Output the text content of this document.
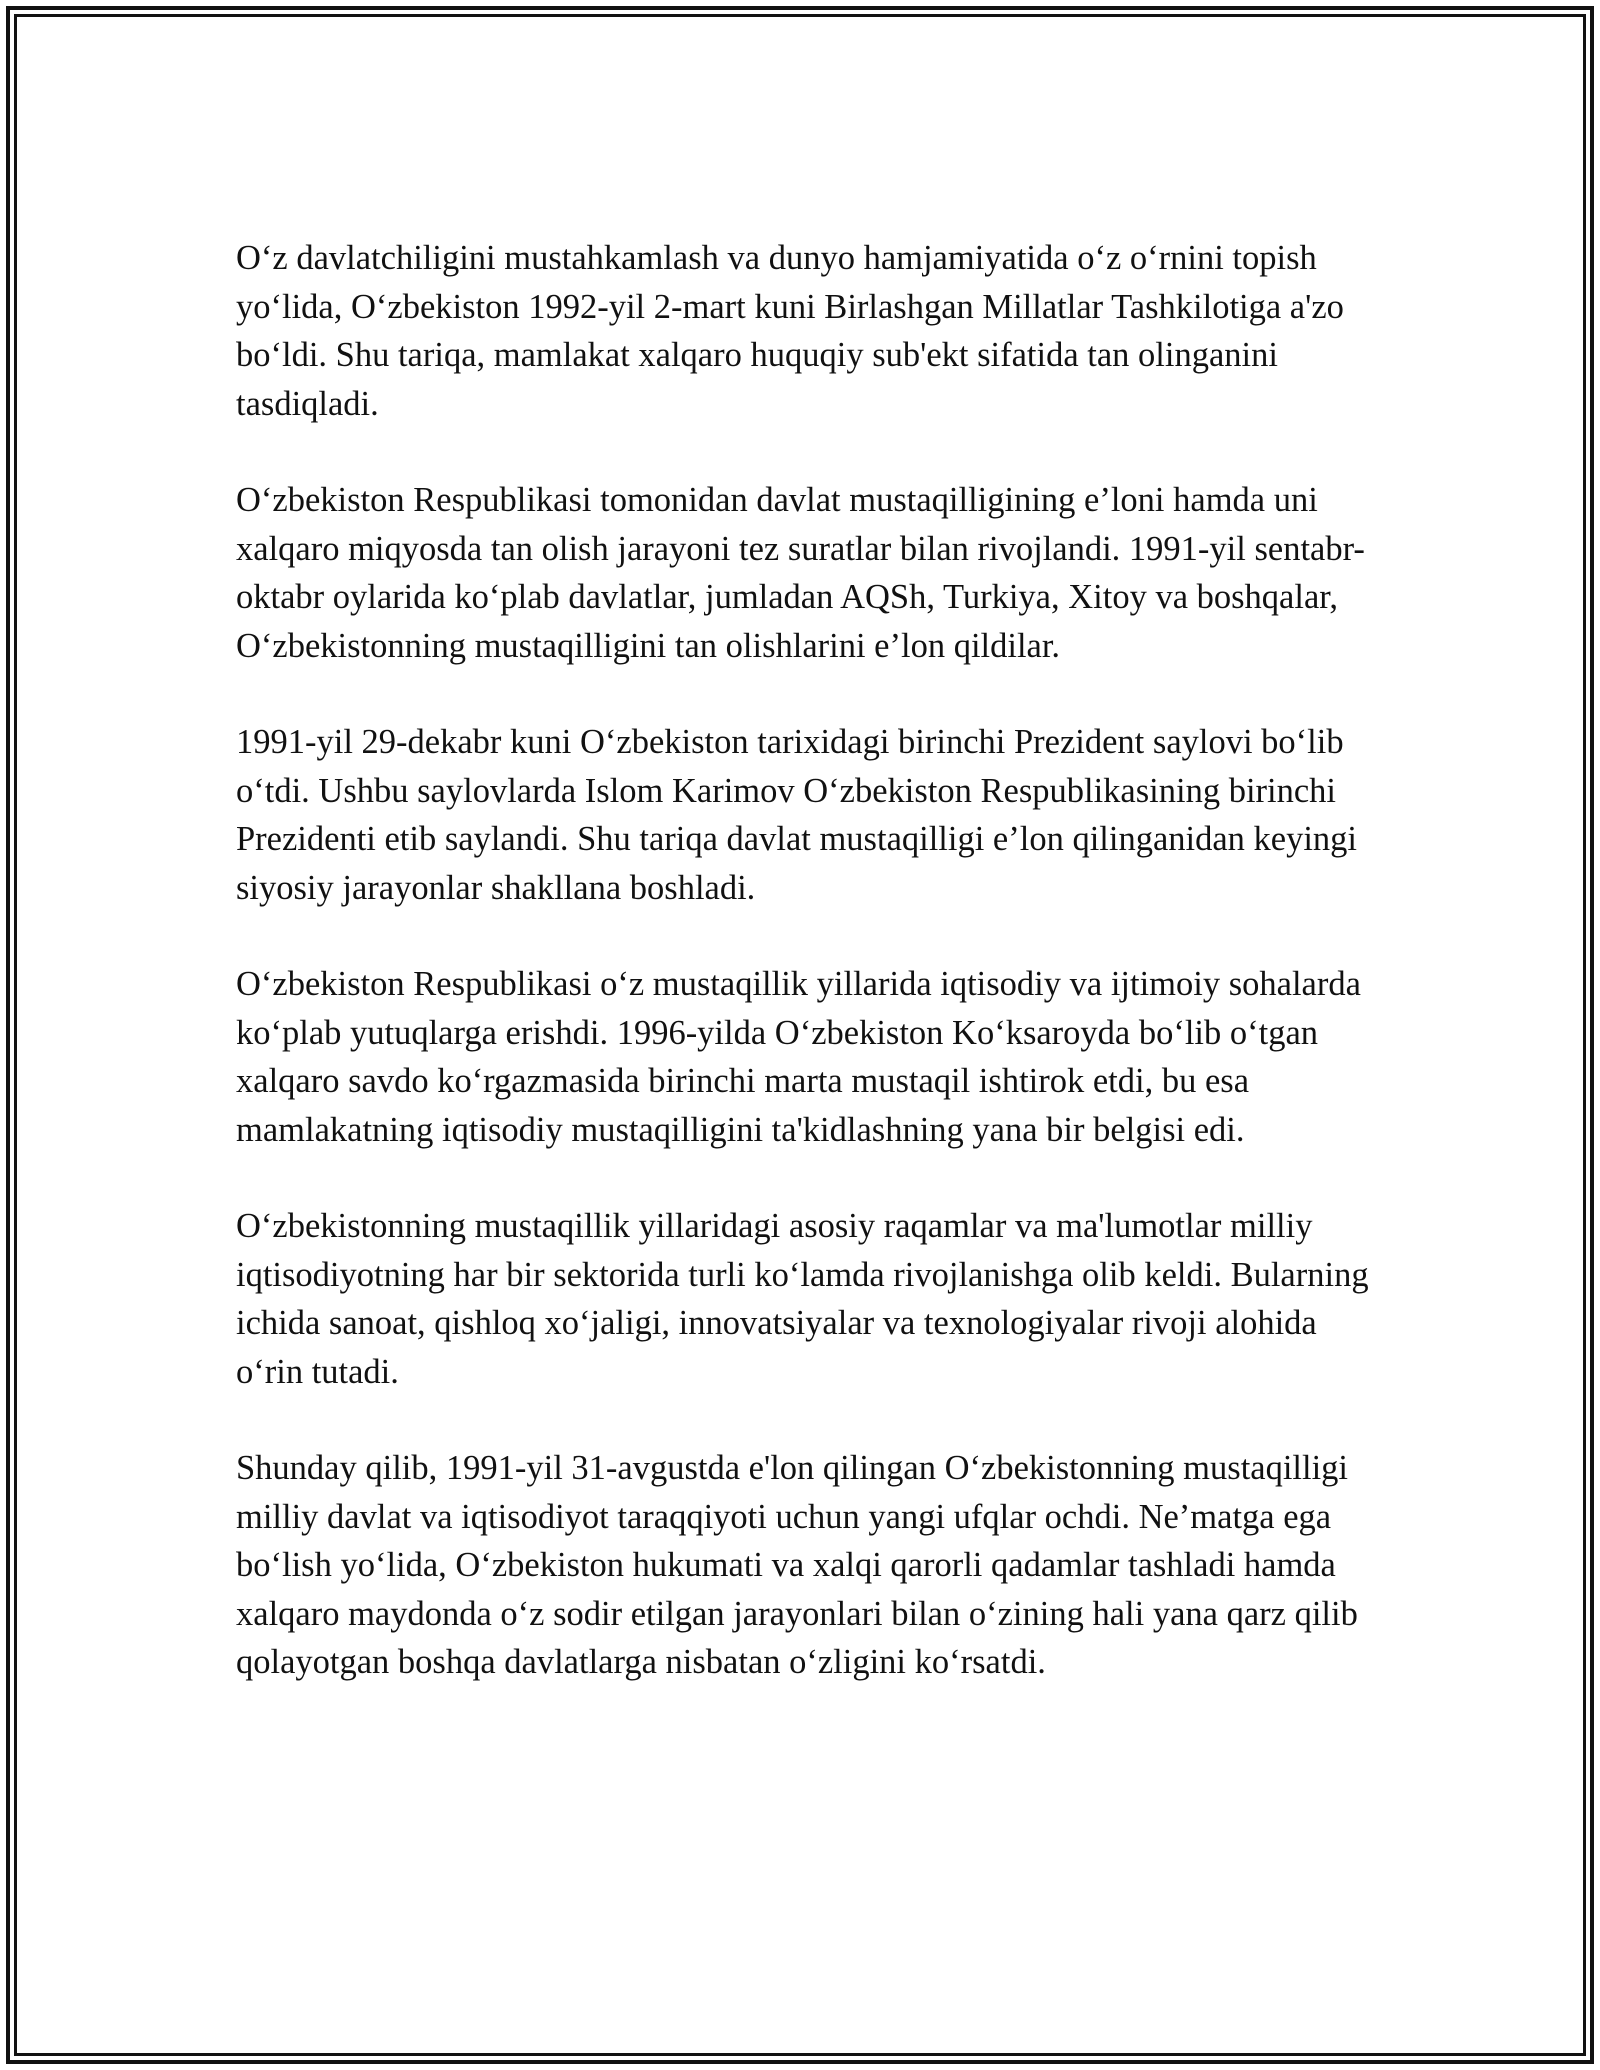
O‘z davlatchiligini mustahkamlash va dunyo hamjamiyatida o‘z o‘rnini topish yo‘lida, O‘zbekiston 1992-yil 2-mart kuni Birlashgan Millatlar Tashkilotiga a'zo bo‘ldi. Shu tariqa, mamlakat xalqaro huquqiy sub'ekt sifatida tan olinganini tasdiqladi.

O‘zbekiston Respublikasi tomonidan davlat mustaqilligining e’loni hamda uni xalqaro miqyosda tan olish jarayoni tez suratlar bilan rivojlandi. 1991-yil sentabr-oktabr oylarida ko‘plab davlatlar, jumladan AQSh, Turkiya, Xitoy va boshqalar, O‘zbekistonning mustaqilligini tan olishlarini e’lon qildilar.

1991-yil 29-dekabr kuni O‘zbekiston tarixidagi birinchi Prezident saylovi bo‘lib o‘tdi. Ushbu saylovlarda Islom Karimov O‘zbekiston Respublikasining birinchi Prezidenti etib saylandi. Shu tariqa davlat mustaqilligi e’lon qilinganidan keyingi siyosiy jarayonlar shakllana boshladi.

O‘zbekiston Respublikasi o‘z mustaqillik yillarida iqtisodiy va ijtimoiy sohalarda ko‘plab yutuqlarga erishdi. 1996-yilda O‘zbekiston Ko‘ksaroyda bo‘lib o‘tgan xalqaro savdo ko‘rgazmasida birinchi marta mustaqil ishtirok etdi, bu esa mamlakatning iqtisodiy mustaqilligini ta'kidlashning yana bir belgisi edi.

O‘zbekistonning mustaqillik yillaridagi asosiy raqamlar va ma'lumotlar milliy iqtisodiyotning har bir sektorida turli ko‘lamda rivojlanishga olib keldi. Bularning ichida sanoat, qishloq xo‘jaligi, innovatsiyalar va texnologiyalar rivoji alohida o‘rin tutadi.

Shunday qilib, 1991-yil 31-avgustda e'lon qilingan O‘zbekistonning mustaqilligi milliy davlat va iqtisodiyot taraqqiyoti uchun yangi ufqlar ochdi. Ne’matga ega bo‘lish yo‘lida, O‘zbekiston hukumati va xalqi qarorli qadamlar tashladi hamda xalqaro maydonda o‘z sodir etilgan jarayonlari bilan o‘zining hali yana qarz qilib qolayotgan boshqa davlatlarga nisbatan o‘zligini ko‘rsatdi.
